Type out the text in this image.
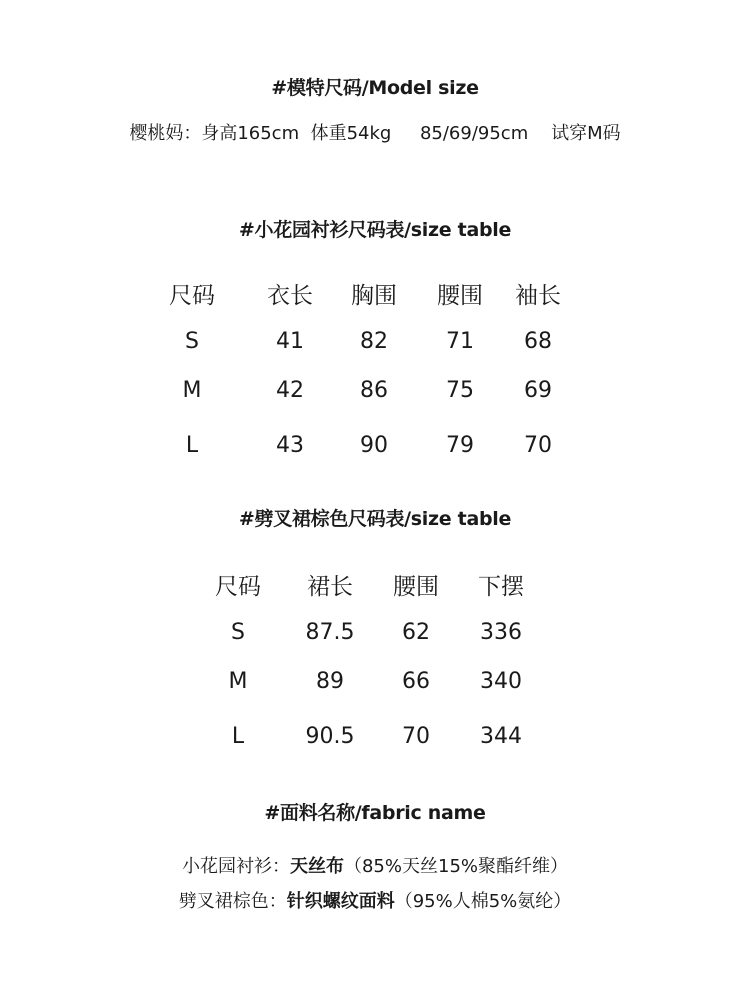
#模特尺码/Model size
樱桃妈：身高165cm 体重54kg 85/69/95cm 试穿M码
#小花园衬衫尺码表/size table
尺码	衣长	胸围	腰围	袖长
S	41	82	71	68
M	42	86	75	69
L	43	90	79	70
#劈叉裙棕色尺码表/size table
尺码	裙长	腰围	下摆
S	87.5	62	336
M	89	66	340
L	90.5	70	344
#面料名称/fabric name
小花园衬衫：天丝布（85%天丝15%聚酯纤维）
劈叉裙棕色：针织螺纹面料（95%人棉5%氨纶）
